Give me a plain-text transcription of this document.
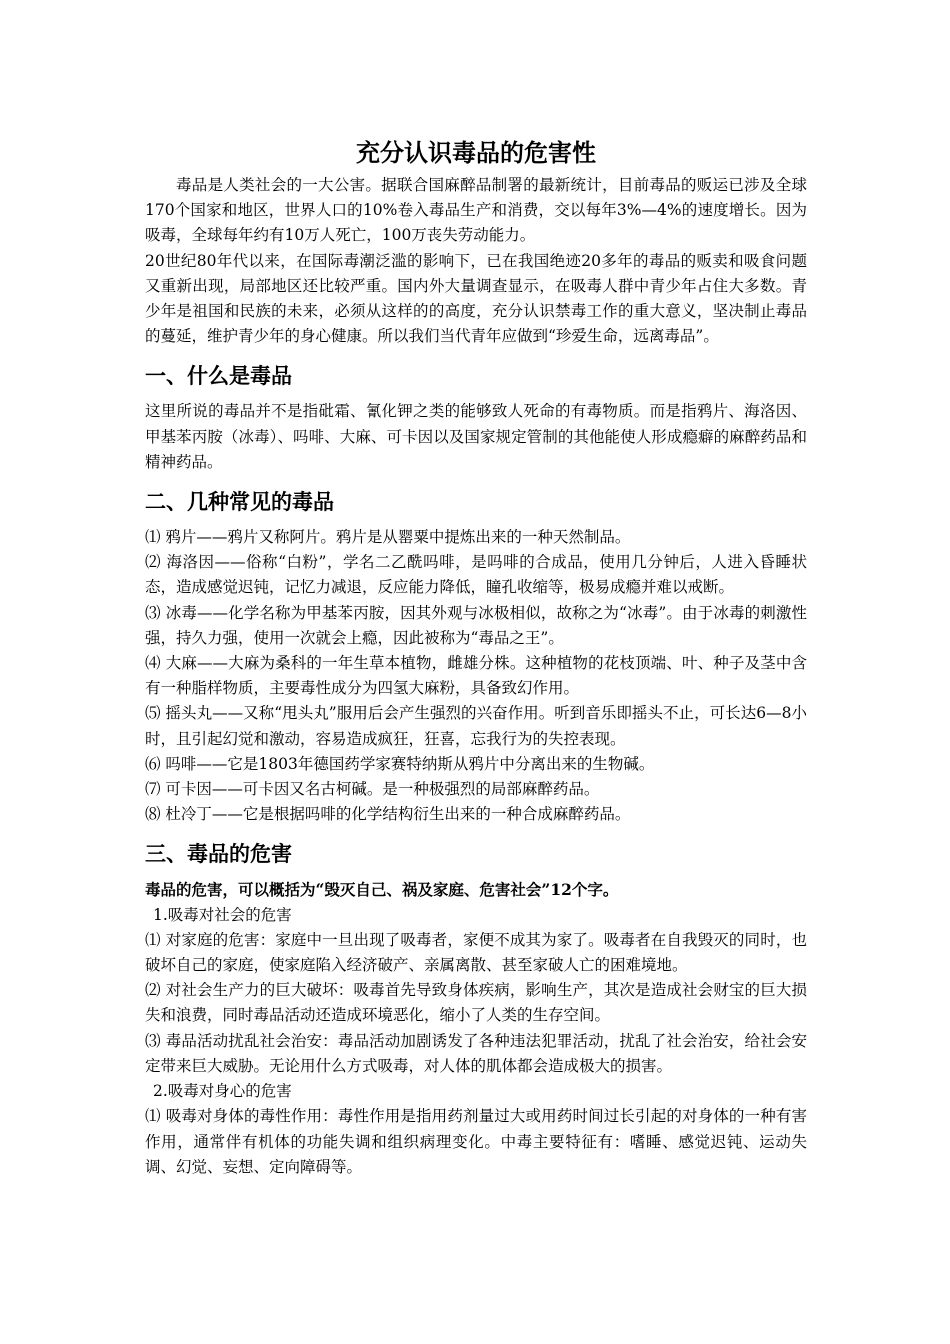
充分认识毒品的危害性

毒品是人类社会的一大公害。据联合国麻醉品制署的最新统计，目前毒品的贩运已涉及全球170个国家和地区，世界人口的10%卷入毒品生产和消费，交以每年3%—4%的速度增长。因为吸毒，全球每年约有10万人死亡，100万丧失劳动能力。

20世纪80年代以来，在国际毒潮泛滥的影响下，已在我国绝迹20多年的毒品的贩卖和吸食问题又重新出现，局部地区还比较严重。国内外大量调查显示，在吸毒人群中青少年占住大多数。青少年是祖国和民族的未来，必须从这样的的高度，充分认识禁毒工作的重大意义，坚决制止毒品的蔓延，维护青少年的身心健康。所以我们当代青年应做到“珍爱生命，远离毒品”。

一、什么是毒品

这里所说的毒品并不是指砒霜、氰化钾之类的能够致人死命的有毒物质。而是指鸦片、海洛因、甲基苯丙胺（冰毒）、吗啡、大麻、可卡因以及国家规定管制的其他能使人形成瘾癖的麻醉药品和精神药品。

二、几种常见的毒品

⑴ 鸦片——鸦片又称阿片。鸦片是从罂粟中提炼出来的一种天然制品。

⑵ 海洛因——俗称“白粉”，学名二乙酰吗啡，是吗啡的合成品，使用几分钟后，人进入昏睡状态，造成感觉迟钝，记忆力减退，反应能力降低，瞳孔收缩等，极易成瘾并难以戒断。

⑶ 冰毒——化学名称为甲基苯丙胺，因其外观与冰极相似，故称之为“冰毒”。由于冰毒的刺激性强，持久力强，使用一次就会上瘾，因此被称为“毒品之王”。

⑷ 大麻——大麻为桑科的一年生草本植物，雌雄分株。这种植物的花枝顶端、叶、种子及茎中含有一种脂样物质，主要毒性成分为四氢大麻粉，具备致幻作用。

⑸ 摇头丸——又称“甩头丸”服用后会产生强烈的兴奋作用。听到音乐即摇头不止，可长达6—8小时，且引起幻觉和激动，容易造成疯狂，狂喜，忘我行为的失控表现。

⑹ 吗啡——它是1803年德国药学家赛特纳斯从鸦片中分离出来的生物碱。

⑺ 可卡因——可卡因又名古柯碱。是一种极强烈的局部麻醉药品。

⑻ 杜冷丁——它是根据吗啡的化学结构衍生出来的一种合成麻醉药品。

三、毒品的危害

毒品的危害，可以概括为“毁灭自己、祸及家庭、危害社会”12个字。

1.吸毒对社会的危害

⑴ 对家庭的危害：家庭中一旦出现了吸毒者，家便不成其为家了。吸毒者在自我毁灭的同时，也破坏自己的家庭，使家庭陷入经济破产、亲属离散、甚至家破人亡的困难境地。

⑵ 对社会生产力的巨大破坏：吸毒首先导致身体疾病，影响生产，其次是造成社会财宝的巨大损失和浪费，同时毒品活动还造成环境恶化，缩小了人类的生存空间。

⑶ 毒品活动扰乱社会治安：毒品活动加剧诱发了各种违法犯罪活动，扰乱了社会治安，给社会安定带来巨大威胁。无论用什么方式吸毒，对人体的肌体都会造成极大的损害。

2.吸毒对身心的危害

⑴ 吸毒对身体的毒性作用：毒性作用是指用药剂量过大或用药时间过长引起的对身体的一种有害作用，通常伴有机体的功能失调和组织病理变化。中毒主要特征有：嗜睡、感觉迟钝、运动失调、幻觉、妄想、定向障碍等。
